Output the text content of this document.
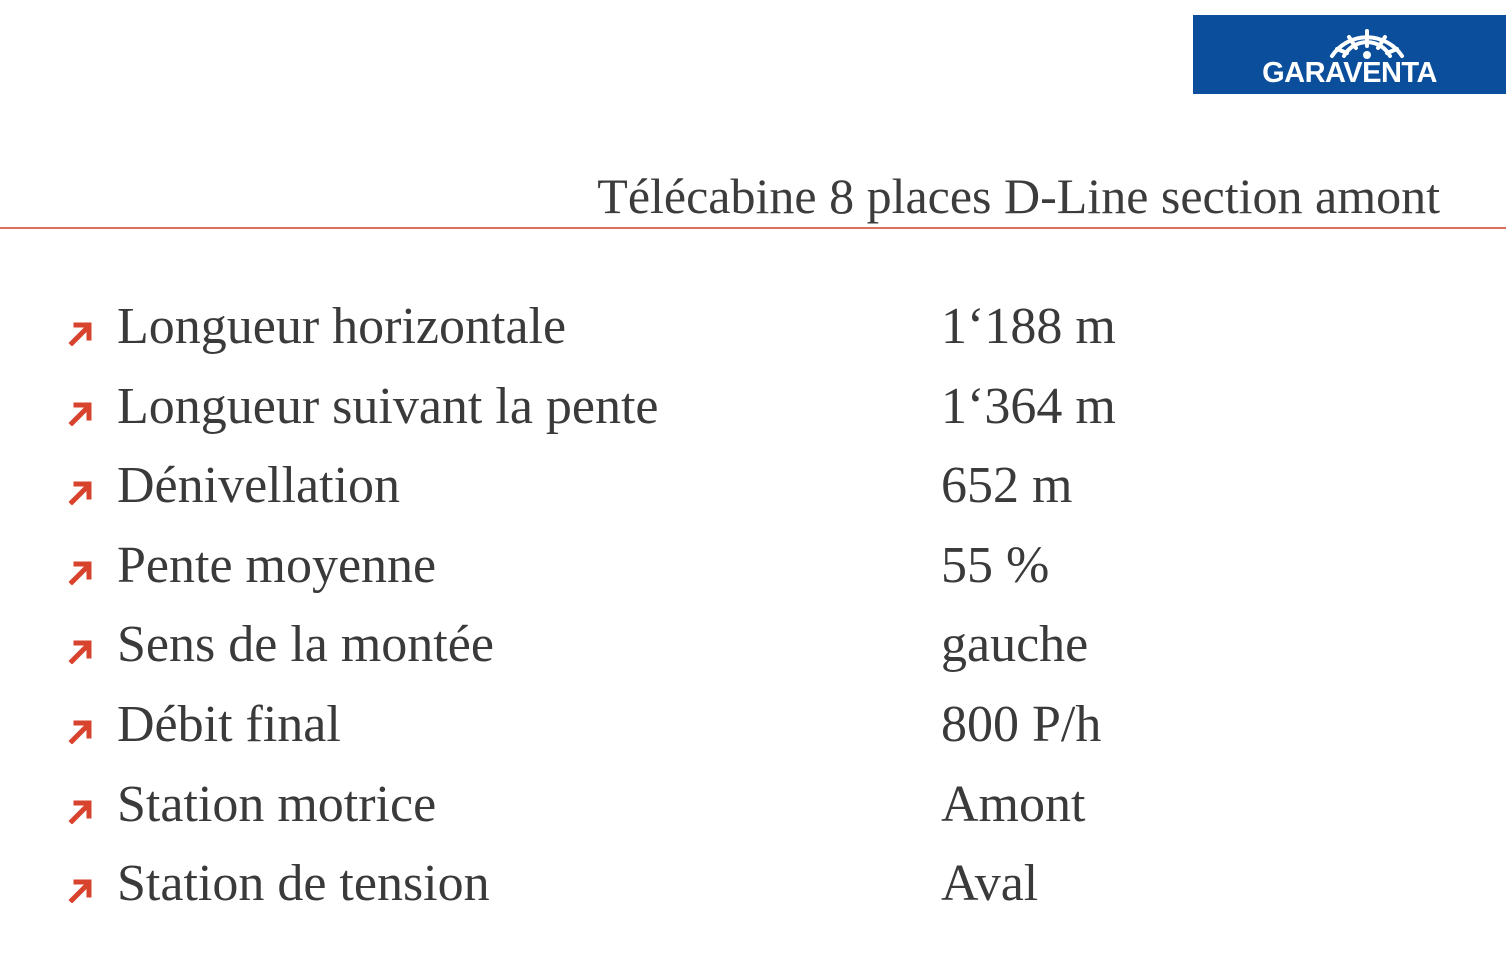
GARAVENTA
Télécabine 8 places D-Line section amont
Longueur horizontale	1‘188 m
Longueur suivant la pente	1‘364 m
Dénivellation	652 m
Pente moyenne	55 %
Sens de la montée	gauche
Débit final	800 P/h
Station motrice	Amont
Station de tension	Aval
